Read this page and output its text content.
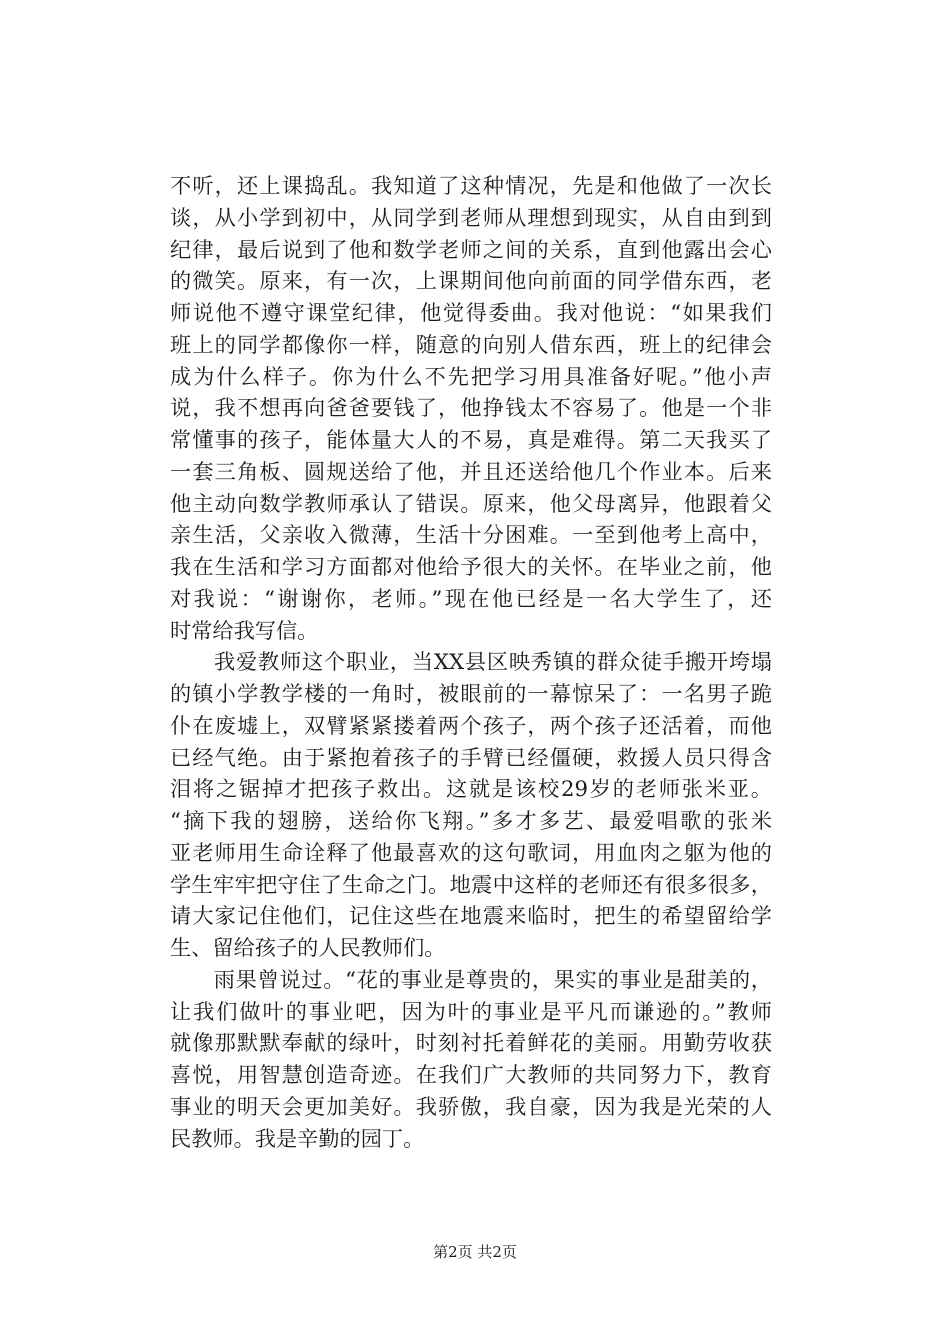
不听，还上课捣乱。我知道了这种情况，先是和他做了一次长
谈，从小学到初中，从同学到老师从理想到现实，从自由到到
纪律，最后说到了他和数学老师之间的关系，直到他露出会心
的微笑。原来，有一次，上课期间他向前面的同学借东西，老
师说他不遵守课堂纪律，他觉得委曲。我对他说：“如果我们
班上的同学都像你一样，随意的向别人借东西，班上的纪律会
成为什么样子。你为什么不先把学习用具准备好呢。”他小声
说，我不想再向爸爸要钱了，他挣钱太不容易了。他是一个非
常懂事的孩子，能体量大人的不易，真是难得。第二天我买了
一套三角板、圆规送给了他，并且还送给他几个作业本。后来
他主动向数学教师承认了错误。原来，他父母离异，他跟着父
亲生活，父亲收入微薄，生活十分困难。一至到他考上高中，
我在生活和学习方面都对他给予很大的关怀。在毕业之前，他
对我说：“谢谢你，老师。”现在他已经是一名大学生了，还
时常给我写信。
　　我爱教师这个职业，当XX县区映秀镇的群众徒手搬开垮塌
的镇小学教学楼的一角时，被眼前的一幕惊呆了：一名男子跪
仆在废墟上，双臂紧紧搂着两个孩子，两个孩子还活着，而他
已经气绝。由于紧抱着孩子的手臂已经僵硬，救援人员只得含
泪将之锯掉才把孩子救出。这就是该校29岁的老师张米亚。
“摘下我的翅膀，送给你飞翔。”多才多艺、最爱唱歌的张米
亚老师用生命诠释了他最喜欢的这句歌词，用血肉之躯为他的
学生牢牢把守住了生命之门。地震中这样的老师还有很多很多，
请大家记住他们，记住这些在地震来临时，把生的希望留给学
生、留给孩子的人民教师们。
　　雨果曾说过。“花的事业是尊贵的，果实的事业是甜美的，
让我们做叶的事业吧，因为叶的事业是平凡而谦逊的。”教师
就像那默默奉献的绿叶，时刻衬托着鲜花的美丽。用勤劳收获
喜悦，用智慧创造奇迹。在我们广大教师的共同努力下，教育
事业的明天会更加美好。我骄傲，我自豪，因为我是光荣的人
民教师。我是辛勤的园丁。
第2页 共2页
